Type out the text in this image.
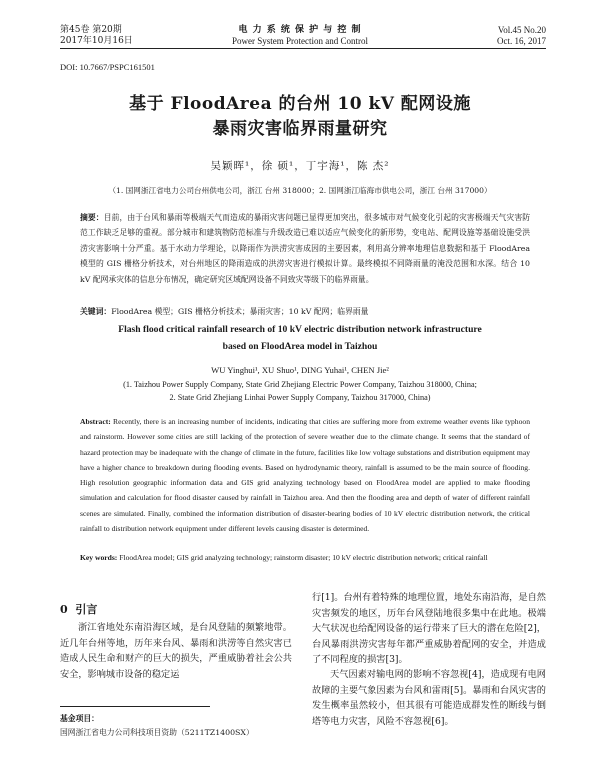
第45卷 第20期
2017年10月16日
电 力 系 统 保 护 与 控 制
Power System Protection and Control
Vol.45 No.20
Oct. 16, 2017
DOI: 10.7667/PSPC161501
基于 FloodArea 的台州 10 kV 配网设施
暴雨灾害临界雨量研究
吴颖晖¹，徐 硕¹，丁宇海¹，陈 杰²
（1. 国网浙江省电力公司台州供电公司，浙江 台州 318000；2. 国网浙江临海市供电公司，浙江 台州 317000）
摘要：目前，由于台风和暴雨等极端天气而造成的暴雨灾害问题已显得更加突出，很多城市对气候变化引起的灾害极端天气灾害防范工作缺乏足够的重视。部分城市和建筑物防范标准与升级改造已难以适应气候变化的新形势，变电站、配网设施等基础设施受洪涝灾害影响十分严重。基于水动力学理论，以降雨作为洪涝灾害成因的主要因素，利用高分辨率地理信息数据和基于 FloodArea 模型的 GIS 栅格分析技术，对台州地区的降雨造成的洪涝灾害进行模拟计算。最终模拟不同降雨量的淹没范围和水深。结合 10 kV 配网承灾体的信息分布情况，确定研究区域配网设备不同致灾等级下的临界雨量。
关键词：FloodArea 模型；GIS 栅格分析技术；暴雨灾害；10 kV 配网；临界雨量
Flash flood critical rainfall research of 10 kV electric distribution network infrastructure
based on FloodArea model in Taizhou
WU Yinghui¹, XU Shuo¹, DING Yuhai¹, CHEN Jie²
(1. Taizhou Power Supply Company, State Grid Zhejiang Electric Power Company, Taizhou 318000, China;
2. State Grid Zhejiang Linhai Power Supply Company, Taizhou 317000, China)
Abstract: Recently, there is an increasing number of incidents, indicating that cities are suffering more from extreme weather events like typhoon and rainstorm. However some cities are still lacking of the protection of severe weather due to the climate change. It seems that the standard of hazard protection may be inadequate with the change of climate in the future, facilities like low voltage substations and distribution equipment may have a higher chance to breakdown during flooding events. Based on hydrodynamic theory, rainfall is assumed to be the main source of flooding. High resolution geographic information data and GIS grid analyzing technology based on FloodArea model are applied to make flooding simulation and calculation for flood disaster caused by rainfall in Taizhou area. And then the flooding area and depth of water of different rainfall scenes are simulated. Finally, combined the information distribution of disaster-bearing bodies of 10 kV electric distribution network, the critical rainfall to distribution network equipment under different levels causing disaster is determined.
Key words: FloodArea model; GIS grid analyzing technology; rainstorm disaster; 10 kV electric distribution network; critical rainfall
0 引言
浙江省地处东南沿海区域，是台风登陆的频繁地带。近几年台州等地，历年来台风、暴雨和洪涝等自然灾害已造成人民生命和财产的巨大的损失，严重威胁着社会公共安全，影响城市设备的稳定运
基金项目：国网浙江省电力公司科技项目资助（5211TZ1400SX）
行[1]。台州有着特殊的地理位置，地处东南沿海，是自然灾害频发的地区，历年台风登陆地很多集中在此地。极端大气状况也给配网设备的运行带来了巨大的潜在危险[2]，台风暴雨洪涝灾害每年都严重威胁着配网的安全，并造成了不同程度的损害[3]。
天气因素对输电网的影响不容忽视[4]，造成现有电网故障的主要气象因素为台风和雷雨[5]。暴雨和台风灾害的发生概率虽然较小，但其很有可能造成群发性的断线与倒塔等电力灾害，风险不容忽视[6]。
